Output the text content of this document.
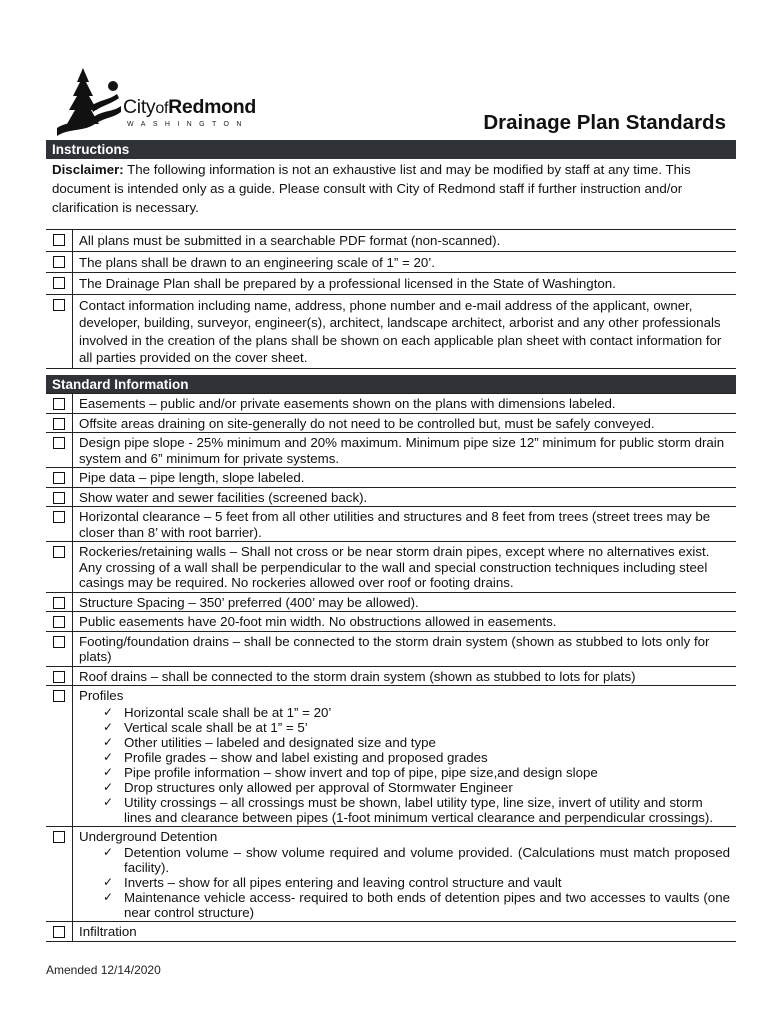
CityofRedmond
WASHINGTON	Drainage Plan Standards
Instructions
Disclaimer: The following information is not an exhaustive list and may be modified by staff at any time. This document is intended only as a guide. Please consult with City of Redmond staff if further instruction and/or clarification is necessary.
All plans must be submitted in a searchable PDF format (non-scanned).
The plans shall be drawn to an engineering scale of 1” = 20’.
The Drainage Plan shall be prepared by a professional licensed in the State of Washington.
Contact information including name, address, phone number and e-mail address of the applicant, owner, developer, building, surveyor, engineer(s), architect, landscape architect, arborist and any other professionals involved in the creation of the plans shall be shown on each applicable plan sheet with contact information for all parties provided on the cover sheet.
Standard Information
Easements – public and/or private easements shown on the plans with dimensions labeled.
Offsite areas draining on site-generally do not need to be controlled but, must be safely conveyed.
Design pipe slope - 25% minimum and 20% maximum. Minimum pipe size 12” minimum for public storm drain system and 6” minimum for private systems.
Pipe data – pipe length, slope labeled.
Show water and sewer facilities (screened back).
Horizontal clearance – 5 feet from all other utilities and structures and 8 feet from trees (street trees may be closer than 8’ with root barrier).
Rockeries/retaining walls – Shall not cross or be near storm drain pipes, except where no alternatives exist. Any crossing of a wall shall be perpendicular to the wall and special construction techniques including steel casings may be required. No rockeries allowed over roof or footing drains.
Structure Spacing – 350’ preferred (400’ may be allowed).
Public easements have 20-foot min width. No obstructions allowed in easements.
Footing/foundation drains – shall be connected to the storm drain system (shown as stubbed to lots only for plats)
Roof drains – shall be connected to the storm drain system (shown as stubbed to lots for plats)
Profiles
✓ Horizontal scale shall be at 1” = 20’
✓ Vertical scale shall be at 1” = 5’
✓ Other utilities – labeled and designated size and type
✓ Profile grades – show and label existing and proposed grades
✓ Pipe profile information – show invert and top of pipe, pipe size,and design slope
✓ Drop structures only allowed per approval of Stormwater Engineer
✓ Utility crossings – all crossings must be shown, label utility type, line size, invert of utility and storm lines and clearance between pipes (1-foot minimum vertical clearance and perpendicular crossings).
Underground Detention
✓ Detention volume – show volume required and volume provided. (Calculations must match proposed facility).
✓ Inverts – show for all pipes entering and leaving control structure and vault
✓ Maintenance vehicle access- required to both ends of detention pipes and two accesses to vaults (one near control structure)
Infiltration
Amended 12/14/2020
